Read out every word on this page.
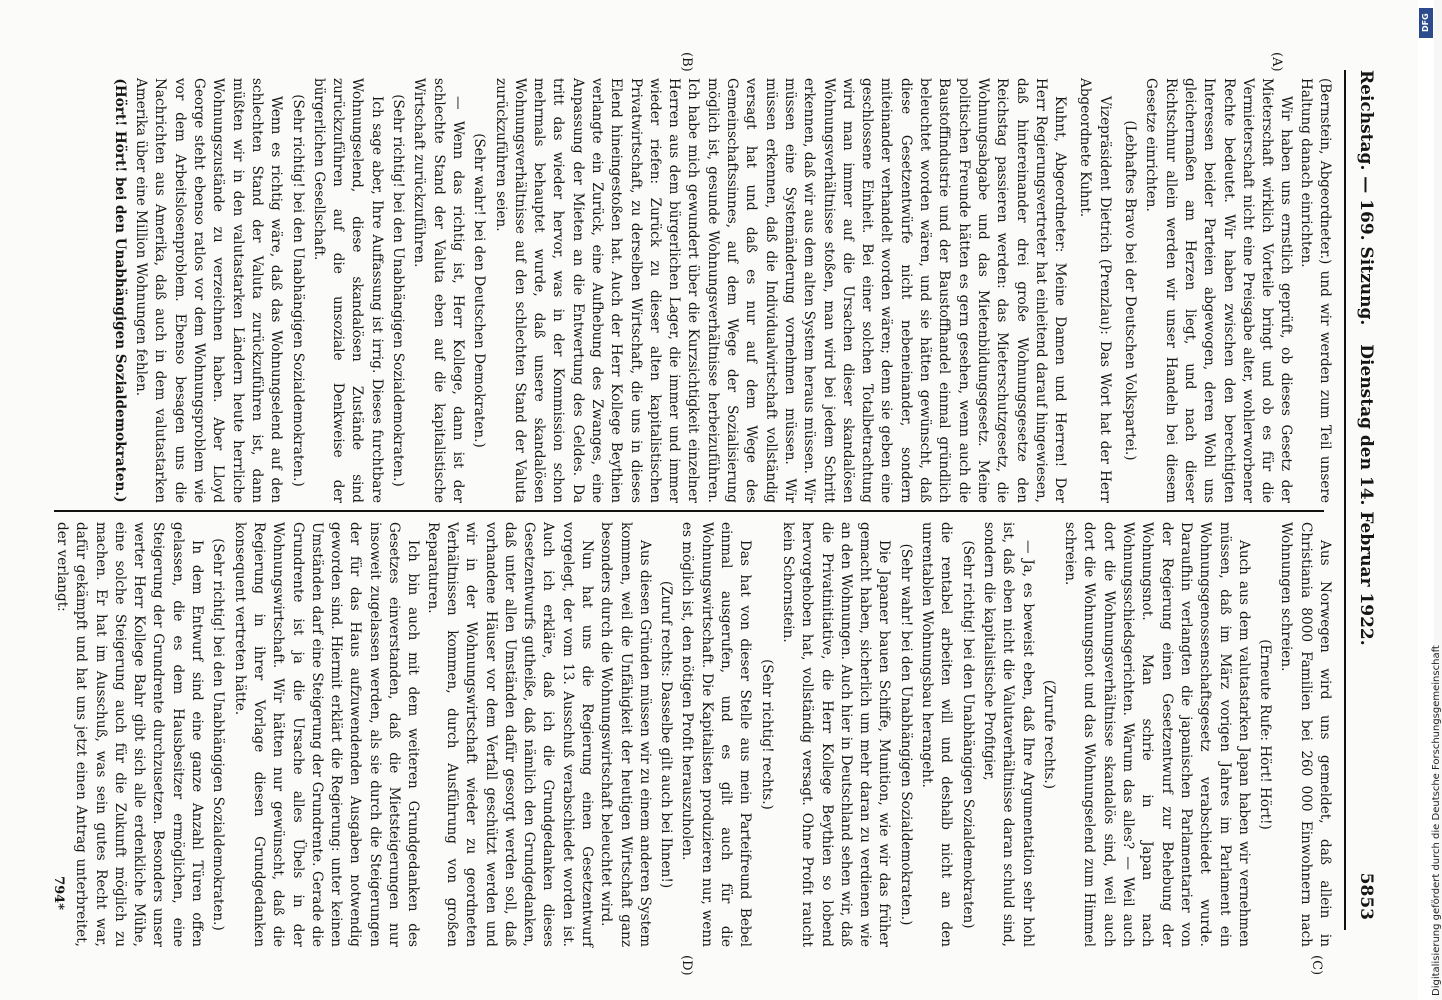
Reichstag. — 169. Sitzung.
Dienstag den 14. Februar 1922.
5853
(A)
(B)
(C)
(D)

(Bernstein, Abgeordneter.) und wir werden zum Teil unsere Haltung danach einrichten.

Wir haben uns ernstlich geprüft, ob dieses Gesetz der Mieterschaft wirklich Vorteile bringt und ob es für die Vermieterschaft nicht eine Preisgabe alter, wohlerworbener Rechte bedeutet. Wir haben zwischen den berechtigten Interessen beider Parteien abgewogen, deren Wohl uns gleichermaßen am Herzen liegt, und nach dieser Richtschnur allein werden wir unser Handeln bei diesem Gesetze einrichten.

(Lebhaftes Bravo bei der Deutschen Volkspartei.)

Vizepräsident Dietrich (Prenzlau): Das Wort hat der Herr Abgeordnete Kuhnt.

Kuhnt, Abgeordneter: Meine Damen und Herren! Der Herr Regierungsvertreter hat einleitend darauf hingewiesen, daß hintereinander drei große Wohnungsgesetze den Reichstag passieren werden: das Mieterschutzgesetz, die Wohnungsabgabe und das Mietenbildungsgesetz. Meine politischen Freunde hätten es gern gesehen, wenn auch die Baustoffindustrie und der Baustoffhandel einmal gründlich beleuchtet worden wären, und sie hätten gewünscht, daß diese Gesetzentwürfe nicht nebeneinander, sondern miteinander verhandelt worden wären; denn sie geben eine geschlossene Einheit. Bei einer solchen Totalbetrachtung wird man immer auf die Ursachen dieser skandalösen Wohnungsverhältnisse stoßen, man wird bei jedem Schritt erkennen, daß wir aus dem alten System heraus müssen. Wir müssen eine Systemänderung vornehmen müssen. Wir müssen erkennen, daß die Individualwirtschaft vollständig versagt hat und daß es nur auf dem Wege des Gemeinschaftssinnes, auf dem Wege der Sozialisierung möglich ist, gesunde Wohnungsverhältnisse herbeizuführen. Ich habe mich gewundert über die Kurzsichtigkeit einzelner Herren aus dem bürgerlichen Lager, die immer und immer wieder riefen: Zurück zu dieser alten kapitalistischen Privatwirtschaft, zu derselben Wirtschaft, die uns in dieses Elend hineingestoßen hat. Auch der Herr Kollege Beythien verlangte ein Zurück, eine Aufhebung des Zwanges, eine Anpassung der Mieten an die Entwertung des Geldes. Da tritt das wieder hervor, was in der Kommission schon mehrmals behauptet wurde, daß unsere skandalösen Wohnungsverhältnisse auf den schlechten Stand der Valuta zurückzuführen seien.

(Sehr wahr! bei den Deutschen Demokraten.)

— Wenn das richtig ist, Herr Kollege, dann ist der schlechte Stand der Valuta eben auf die kapitalistische Wirtschaft zurückzuführen.

(Sehr richtig! bei den Unabhängigen Sozialdemokraten.)

Ich sage aber, Ihre Auffassung ist irrig. Dieses furchtbare Wohnungselend, diese skandalösen Zustände sind zurückzuführen auf die unsoziale Denkweise der bürgerlichen Gesellschaft.

(Sehr richtig! bei den Unabhängigen Sozialdemokraten.)

Wenn es richtig wäre, daß das Wohnungselend auf den schlechten Stand der Valuta zurückzuführen ist, dann müßten wir in den valutastarken Ländern heute herrliche Wohnungszustände zu verzeichnen haben. Aber Lloyd George steht ebenso ratlos vor dem Wohnungsproblem wie vor dem Arbeitslosenproblem. Ebenso besagen uns die Nachrichten aus Amerika, daß auch in dem valutastarken Amerika über eine Million Wohnungen fehlen.

(Hört! Hört! bei den Unabhängigen Sozialdemokraten.)

Aus Norwegen wird uns gemeldet, daß allein in Christiania 8000 Familien bei 260 000 Einwohnern nach Wohnungen schreien.

(Erneute Rufe: Hört! Hört!)

Auch aus dem valutastarken Japan haben wir vernehmen müssen, daß im März vorigen Jahres im Parlament ein Wohnungsgenossenschaftsgesetz verabschiedet wurde. Daraufhin verlangten die japanischen Parlamentarier von der Regierung einen Gesetzentwurf zur Behebung der Wohnungsnot. Man schrie in Japan nach Wohnungsschiedsgerichten. Warum das alles? — Weil auch dort die Wohnungsverhältnisse skandalös sind, weil auch dort die Wohnungsnot und das Wohnungselend zum Himmel schreien.

(Zurufe rechts.)

— Ja, es beweist eben, daß Ihre Argumentation sehr hohl ist, daß eben nicht die Valutaverhältnisse daran schuld sind, sondern die kapitalistische Profitgier,

(Sehr richtig! bei den Unabhängigen Sozialdemokraten)

die rentabel arbeiten will und deshalb nicht an den unrentablen Wohnungsbau herangeht.

(Sehr wahr! bei den Unabhängigen Sozialdemokraten.)

Die Japaner bauen Schiffe, Munition, wie wir das früher gemacht haben, sicherlich um mehr daran zu verdienen wie an den Wohnungen. Auch hier in Deutschland sehen wir, daß die Privatinitiative, die Herr Kollege Beythien so lobend hervorgehoben hat, vollständig versagt. Ohne Profit raucht kein Schornstein.

(Sehr richtig! rechts.)

Das hat von dieser Stelle aus mein Parteifreund Bebel einmal ausgerufen, und es gilt auch für die Wohnungswirtschaft. Die Kapitalisten produzieren nur, wenn es möglich ist, den nötigen Profit herauszuholen.

(Zuruf rechts: Dasselbe gilt auch bei Ihnen!)

Aus diesen Gründen müssen wir zu einem anderen System kommen, weil die Unfähigkeit der heutigen Wirtschaft ganz besonders durch die Wohnungswirtschaft beleuchtet wird.

Nun hat uns die Regierung einen Gesetzentwurf vorgelegt, der vom 13. Ausschuß verabschiedet worden ist. Auch ich erkläre, daß ich die Grundgedanken dieses Gesetzentwurfs gutheiße, daß nämlich den Grundgedanken, daß unter allen Umständen dafür gesorgt werden soll, daß vorhandene Häuser vor dem Verfall geschützt werden und wir in der Wohnungswirtschaft wieder zu geordneten Verhältnissen kommen, durch Ausführung von großen Reparaturen.

Ich bin auch mit dem weiteren Grundgedanken des Gesetzes einverstanden, daß die Mietsteigerungen nur insoweit zugelassen werden, als sie durch die Steigerungen der für das Haus aufzuwendenden Ausgaben notwendig geworden sind. Hiermit erklärt die Regierung: unter keinen Umständen darf eine Steigerung der Grundrente. Gerade die Grundrente ist ja die Ursache alles Übels in der Wohnungswirtschaft. Wir hätten nur gewünscht, daß die Regierung in ihrer Vorlage diesen Grundgedanken konsequent vertreten hätte.

(Sehr richtig! bei den Unabhängigen Sozialdemokraten.)

In dem Entwurf sind eine ganze Anzahl Türen offen gelassen, die es dem Hausbesitzer ermöglichen, eine Steigerung der Grundrente durchzusetzen. Besonders unser werter Herr Kollege Bahr gibt sich alle erdenkliche Mühe, eine solche Steigerung auch für die Zukunft möglich zu machen. Er hat im Ausschuß, was sein gutes Recht war, dafür gekämpft und hat uns jetzt einen Antrag unterbreitet, der verlangt:

794*
DFG
Digitalisierung gefördert durch die Deutsche Forschungsgemeinschaft
